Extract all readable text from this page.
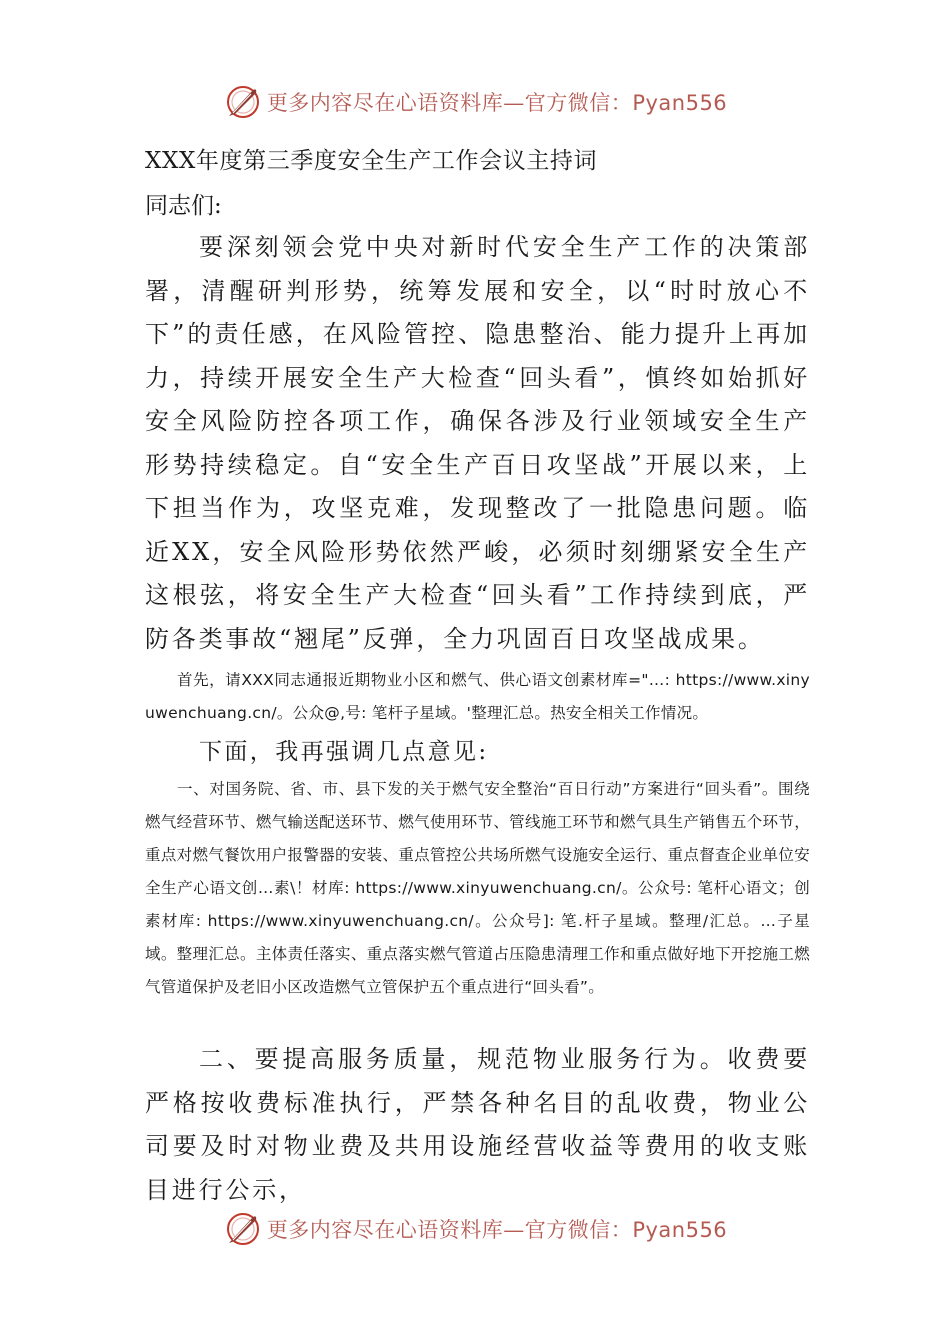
更多内容尽在心语资料库—官方微信：Pyan556
XXX年度第三季度安全生产工作会议主持词
同志们:

要深刻领会党中央对新时代安全生产工作的决策部署，清醒研判形势，统筹发展和安全，以“时时放心不下”的责任感，在风险管控、隐患整治、能力提升上再加力，持续开展安全生产大检查“回头看”，慎终如始抓好安全风险防控各项工作，确保各涉及行业领域安全生产形势持续稳定。自“安全生产百日攻坚战”开展以来，上下担当作为，攻坚克难，发现整改了一批隐患问题。临近XX，安全风险形势依然严峻，必须时刻绷紧安全生产这根弦，将安全生产大检查“回头看”工作持续到底，严防各类事故“翘尾”反弹，全力巩固百日攻坚战成果。

首先，请XXX同志通报近期物业小区和燃气、供心语文创素材库="…: https://www.xinyuwenchuang.cn/。公众@,号: 笔杆子星域。'整理汇总。热安全相关工作情况。

下面，我再强调几点意见:

一、对国务院、省、市、县下发的关于燃气安全整治“百日行动”方案进行“回头看”。围绕燃气经营环节、燃气输送配送环节、燃气使用环节、管线施工环节和燃气具生产销售五个环节，重点对燃气餐饮用户报警器的安装、重点管控公共场所燃气设施安全运行、重点督查企业单位安全生产心语文创…素\！材库: https://www.xinyuwenchuang.cn/。公众号: 笔杆心语文；创素材库: https://www.xinyuwenchuang.cn/。公众号]: 笔.杆子星域。整理/汇总。…子星域。整理汇总。主体责任落实、重点落实燃气管道占压隐患清理工作和重点做好地下开挖施工燃气管道保护及老旧小区改造燃气立管保护五个重点进行“回头看”。

二、要提高服务质量，规范物业服务行为。收费要严格按收费标准执行，严禁各种名目的乱收费，物业公司要及时对物业费及共用设施经营收益等费用的收支账目进行公示，

更多内容尽在心语资料库—官方微信：Pyan556
